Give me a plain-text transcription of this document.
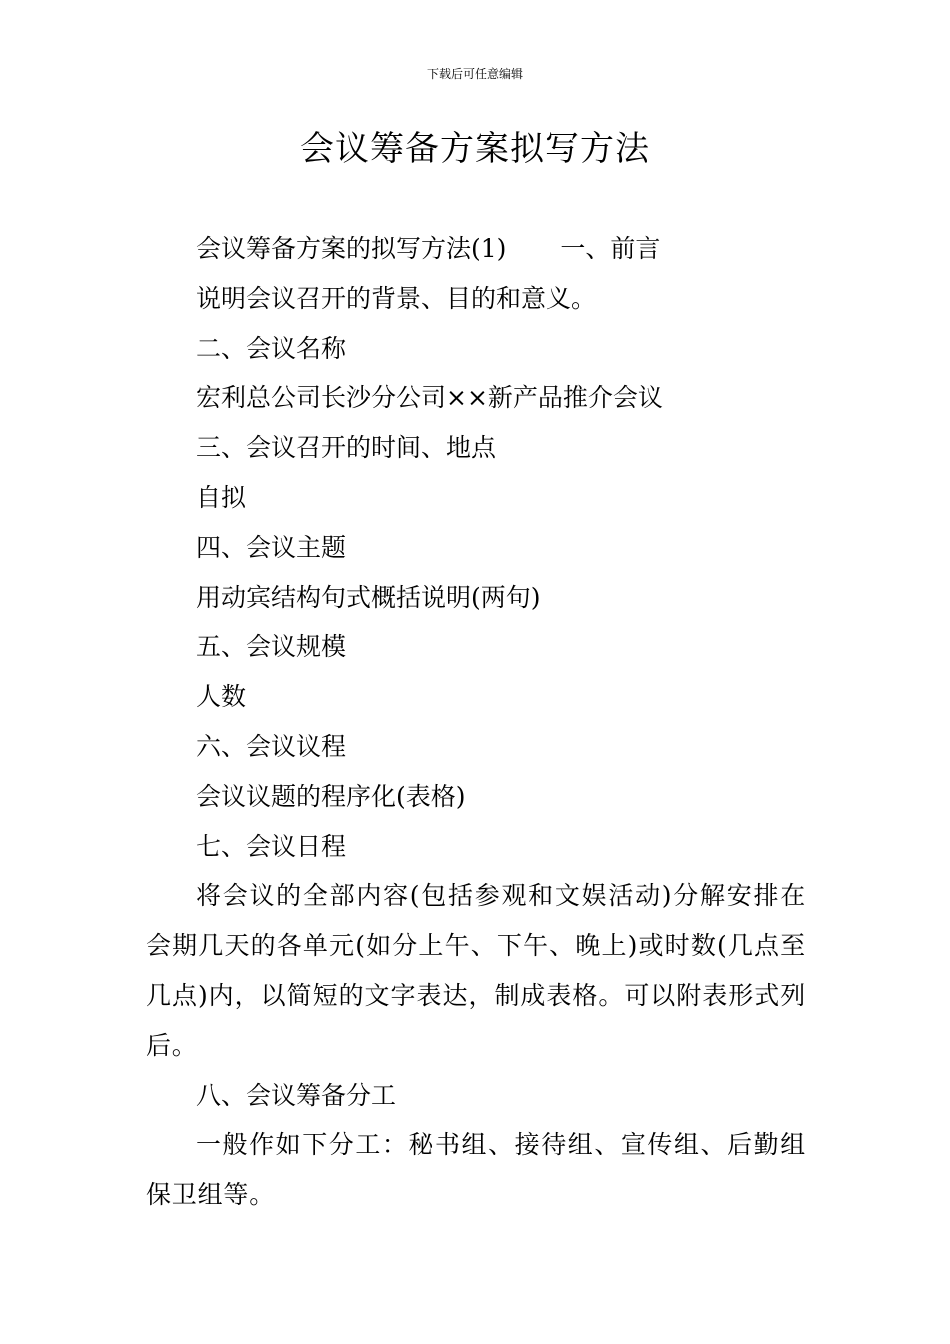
下载后可任意编辑
会议筹备方案拟写方法
会议筹备方案的拟写方法(1) 一、前言
说明会议召开的背景、目的和意义。
二、会议名称
宏利总公司长沙分公司××新产品推介会议
三、会议召开的时间、地点
自拟
四、会议主题
用动宾结构句式概括说明(两句)
五、会议规模
人数
六、会议议程
会议议题的程序化(表格)
七、会议日程
将会议的全部内容(包括参观和文娱活动)分解安排在会期几天的各单元(如分上午、下午、晚上)或时数(几点至几点)内，以简短的文字表达，制成表格。可以附表形式列后。
八、会议筹备分工
一般作如下分工：秘书组、接待组、宣传组、后勤组保卫组等。
